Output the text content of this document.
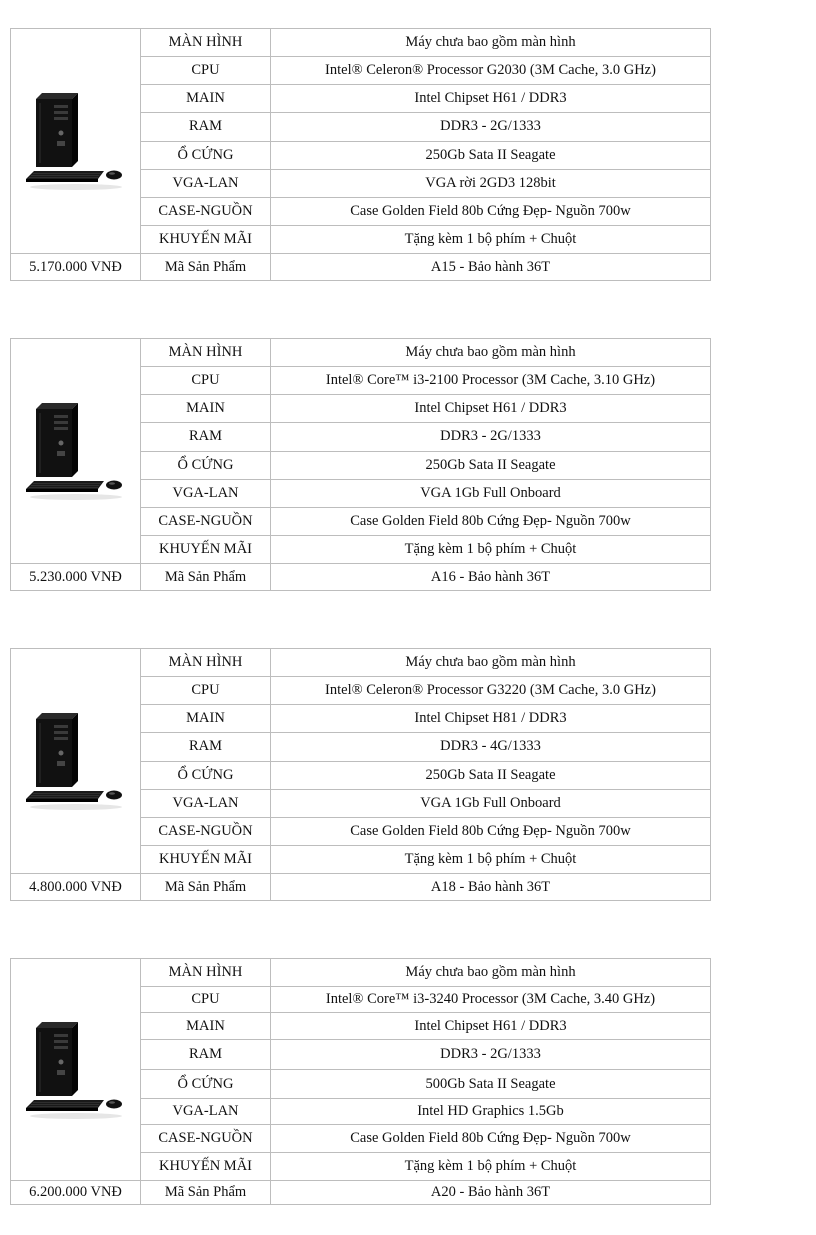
	MÀN HÌNH	Máy chưa bao gồm màn hình
	CPU	Intel® Celeron® Processor G2030 (3M Cache, 3.0 GHz)
	MAIN	Intel Chipset H61 / DDR3
	RAM	DDR3 - 2G/1333
	Ổ CỨNG	250Gb Sata II Seagate
	VGA-LAN	VGA rời 2GD3 128bit
	CASE-NGUỒN	Case Golden Field 80b Cứng Đẹp- Nguồn 700w
	KHUYẾN MÃI	Tặng kèm 1 bộ phím + Chuột
5.170.000 VNĐ	Mã Sản Phẩm	A15 - Bảo hành 36T
	MÀN HÌNH	Máy chưa bao gồm màn hình
	CPU	Intel® Core™ i3-2100 Processor (3M Cache, 3.10 GHz)
	MAIN	Intel Chipset H61 / DDR3
	RAM	DDR3 - 2G/1333
	Ổ CỨNG	250Gb Sata II Seagate
	VGA-LAN	VGA 1Gb Full Onboard
	CASE-NGUỒN	Case Golden Field 80b Cứng Đẹp- Nguồn 700w
	KHUYẾN MÃI	Tặng kèm 1 bộ phím + Chuột
5.230.000 VNĐ	Mã Sản Phẩm	A16 - Bảo hành 36T
	MÀN HÌNH	Máy chưa bao gồm màn hình
	CPU	Intel® Celeron® Processor G3220 (3M Cache, 3.0 GHz)
	MAIN	Intel Chipset H81 / DDR3
	RAM	DDR3 - 4G/1333
	Ổ CỨNG	250Gb Sata II Seagate
	VGA-LAN	VGA 1Gb Full Onboard
	CASE-NGUỒN	Case Golden Field 80b Cứng Đẹp- Nguồn 700w
	KHUYẾN MÃI	Tặng kèm 1 bộ phím + Chuột
4.800.000 VNĐ	Mã Sản Phẩm	A18 - Bảo hành 36T
	MÀN HÌNH	Máy chưa bao gồm màn hình
	CPU	Intel® Core™ i3-3240 Processor (3M Cache, 3.40 GHz)
	MAIN	Intel Chipset H61 / DDR3
	RAM	DDR3 - 2G/1333
	Ổ CỨNG	500Gb Sata II Seagate
	VGA-LAN	Intel HD Graphics 1.5Gb
	CASE-NGUỒN	Case Golden Field 80b Cứng Đẹp- Nguồn 700w
	KHUYẾN MÃI	Tặng kèm 1 bộ phím + Chuột
6.200.000 VNĐ	Mã Sản Phẩm	A20 - Bảo hành 36T
